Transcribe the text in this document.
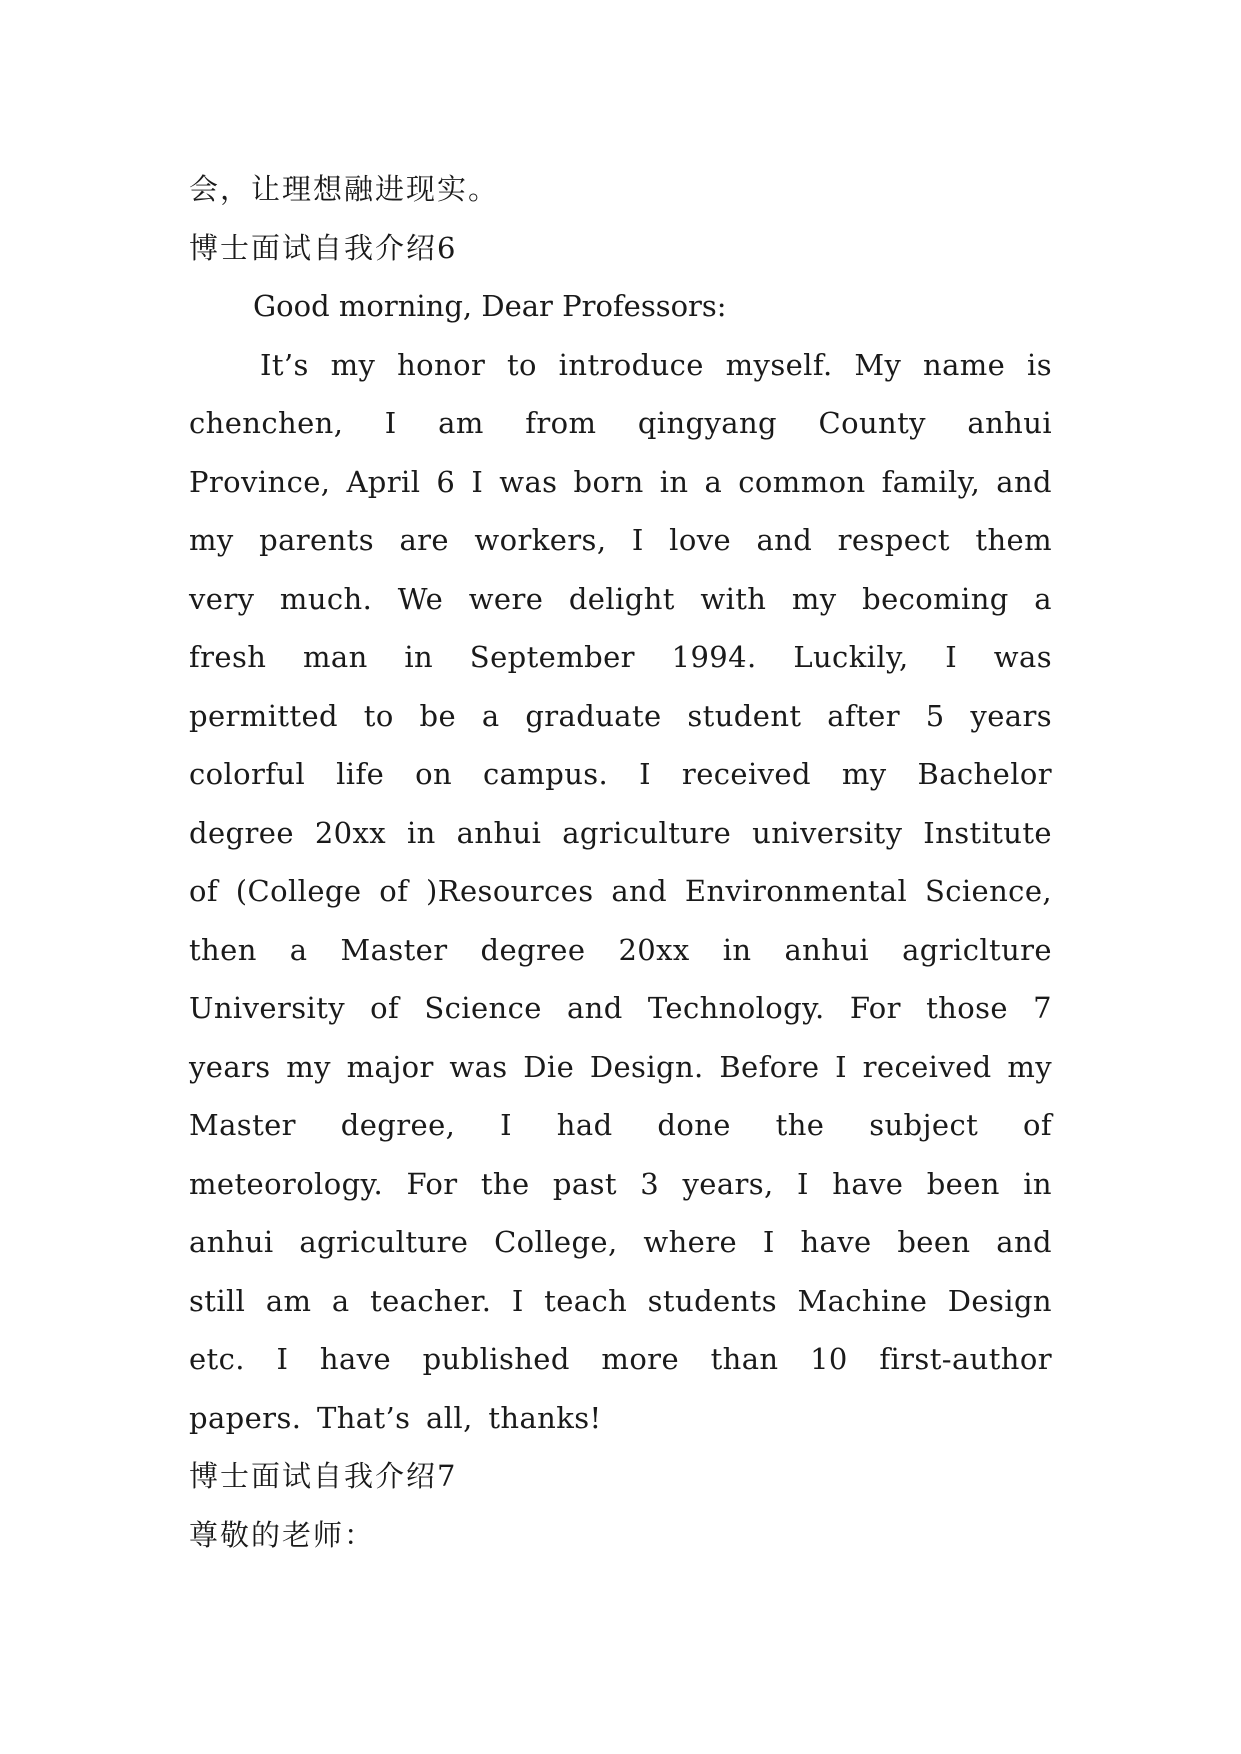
会，让理想融进现实。

博士面试自我介绍6

Good morning, Dear Professors:

It’s my honor to introduce myself. My name is chenchen, I am from qingyang County anhui Province, April 6 I was born in a common family, and my parents are workers, I love and respect them very much. We were delight with my becoming a fresh man in September 1994. Luckily, I was permitted to be a graduate student after 5 years colorful life on campus. I received my Bachelor degree 20xx in anhui agriculture university Institute of (College of )Resources and Environmental Science, then a Master degree 20xx in anhui agriclture University of Science and Technology. For those 7 years my major was Die Design. Before I received my Master degree, I had done the subject of meteorology. For the past 3 years, I have been in anhui agriculture College, where I have been and still am a teacher. I teach students Machine Design etc. I have published more than 10 first-author papers. That’s all, thanks!

博士面试自我介绍7

尊敬的老师：
